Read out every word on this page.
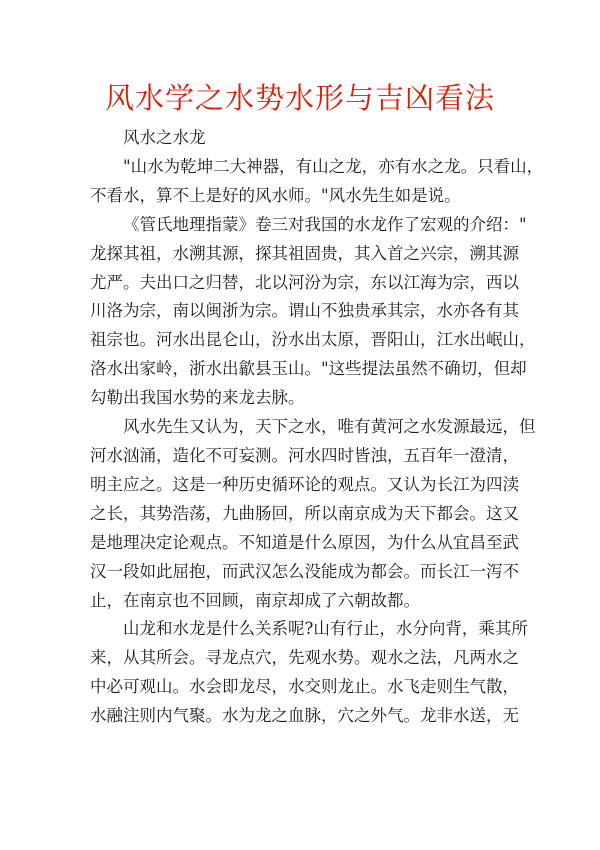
风水学之水势水形与吉凶看法
风水之水龙
"山水为乾坤二大神器，有山之龙，亦有水之龙。只看山，
不看水，算不上是好的风水师。"风水先生如是说。
《管氏地理指蒙》卷三对我国的水龙作了宏观的介绍："
龙探其祖，水溯其源，探其祖固贵，其入首之兴宗，溯其源
尤严。夫出口之归替，北以河汾为宗，东以江海为宗，西以
川洛为宗，南以闽浙为宗。谓山不独贵承其宗，水亦各有其
祖宗也。河水出昆仑山，汾水出太原，晋阳山，江水出岷山，
洛水出家岭，浙水出歙县玉山。"这些提法虽然不确切，但却
勾勒出我国水势的来龙去脉。
风水先生又认为，天下之水，唯有黄河之水发源最远，但
河水汹涌，造化不可妄测。河水四时皆浊，五百年一澄清，
明主应之。这是一种历史循环论的观点。又认为长江为四渎
之长，其势浩荡，九曲肠回，所以南京成为天下都会。这又
是地理决定论观点。不知道是什么原因，为什么从宜昌至武
汉一段如此屈抱，而武汉怎么没能成为都会。而长江一泻不
止，在南京也不回顾，南京却成了六朝故都。
山龙和水龙是什么关系呢?山有行止，水分向背，乘其所
来，从其所会。寻龙点穴，先观水势。观水之法，凡两水之
中必可观山。水会即龙尽，水交则龙止。水飞走则生气散，
水融注则内气聚。水为龙之血脉，穴之外气。龙非水送，无
